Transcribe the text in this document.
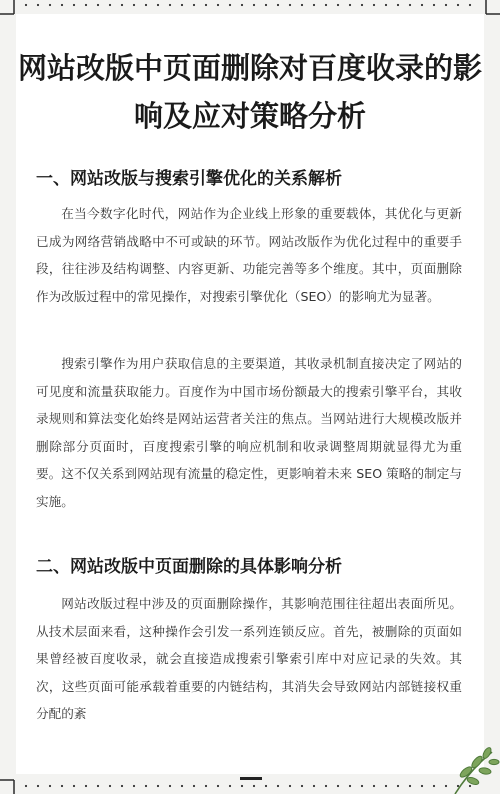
网站改版中页面删除对百度收录的影响及应对策略分析
一、网站改版与搜索引擎优化的关系解析

在当今数字化时代，网站作为企业线上形象的重要载体，其优化与更新已成为网络营销战略中不可或缺的环节。网站改版作为优化过程中的重要手段，往往涉及结构调整、内容更新、功能完善等多个维度。其中，页面删除作为改版过程中的常见操作，对搜索引擎优化（SEO）的影响尤为显著。

搜索引擎作为用户获取信息的主要渠道，其收录机制直接决定了网站的可见度和流量获取能力。百度作为中国市场份额最大的搜索引擎平台，其收录规则和算法变化始终是网站运营者关注的焦点。当网站进行大规模改版并删除部分页面时，百度搜索引擎的响应机制和收录调整周期就显得尤为重要。这不仅关系到网站现有流量的稳定性，更影响着未来 SEO 策略的制定与实施。

二、网站改版中页面删除的具体影响分析

网站改版过程中涉及的页面删除操作，其影响范围往往超出表面所见。从技术层面来看，这种操作会引发一系列连锁反应。首先，被删除的页面如果曾经被百度收录，就会直接造成搜索引擎索引库中对应记录的失效。其次，这些页面可能承载着重要的内链结构，其消失会导致网站内部链接权重分配的紊
